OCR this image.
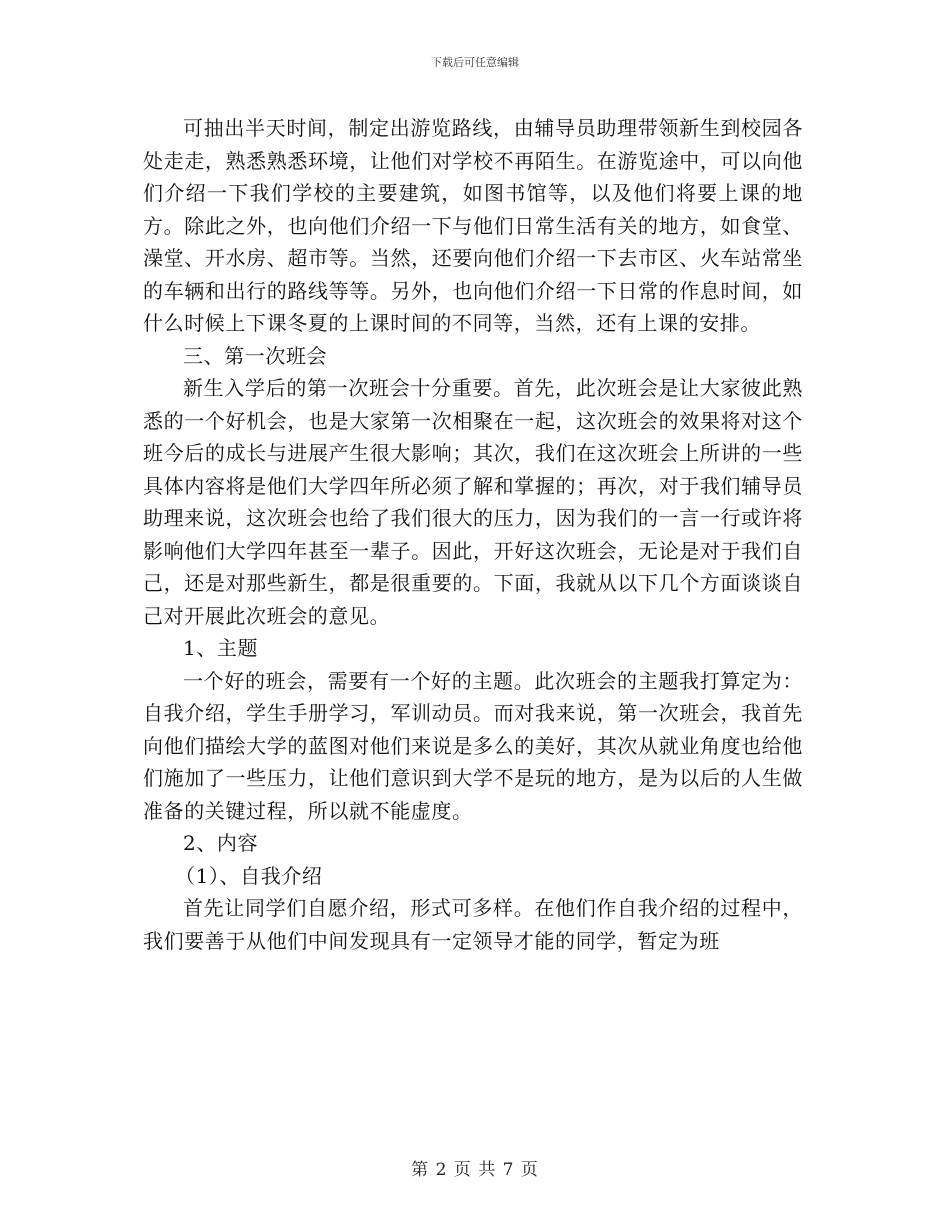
下载后可任意编辑

可抽出半天时间，制定出游览路线，由辅导员助理带领新生到校园各处走走，熟悉熟悉环境，让他们对学校不再陌生。在游览途中，可以向他们介绍一下我们学校的主要建筑，如图书馆等，以及他们将要上课的地方。除此之外，也向他们介绍一下与他们日常生活有关的地方，如食堂、澡堂、开水房、超市等。当然，还要向他们介绍一下去市区、火车站常坐的车辆和出行的路线等等。另外，也向他们介绍一下日常的作息时间，如什么时候上下课冬夏的上课时间的不同等，当然，还有上课的安排。

三、第一次班会

新生入学后的第一次班会十分重要。首先，此次班会是让大家彼此熟悉的一个好机会，也是大家第一次相聚在一起，这次班会的效果将对这个班今后的成长与进展产生很大影响；其次，我们在这次班会上所讲的一些具体内容将是他们大学四年所必须了解和掌握的；再次，对于我们辅导员助理来说，这次班会也给了我们很大的压力，因为我们的一言一行或许将影响他们大学四年甚至一辈子。因此，开好这次班会，无论是对于我们自己，还是对那些新生，都是很重要的。下面，我就从以下几个方面谈谈自己对开展此次班会的意见。

1、主题

一个好的班会，需要有一个好的主题。此次班会的主题我打算定为：自我介绍，学生手册学习，军训动员。而对我来说，第一次班会，我首先向他们描绘大学的蓝图对他们来说是多么的美好，其次从就业角度也给他们施加了一些压力，让他们意识到大学不是玩的地方，是为以后的人生做准备的关键过程，所以就不能虚度。

2、内容

（1）、自我介绍

首先让同学们自愿介绍，形式可多样。在他们作自我介绍的过程中，我们要善于从他们中间发现具有一定领导才能的同学，暂定为班

第 2 页 共 7 页
